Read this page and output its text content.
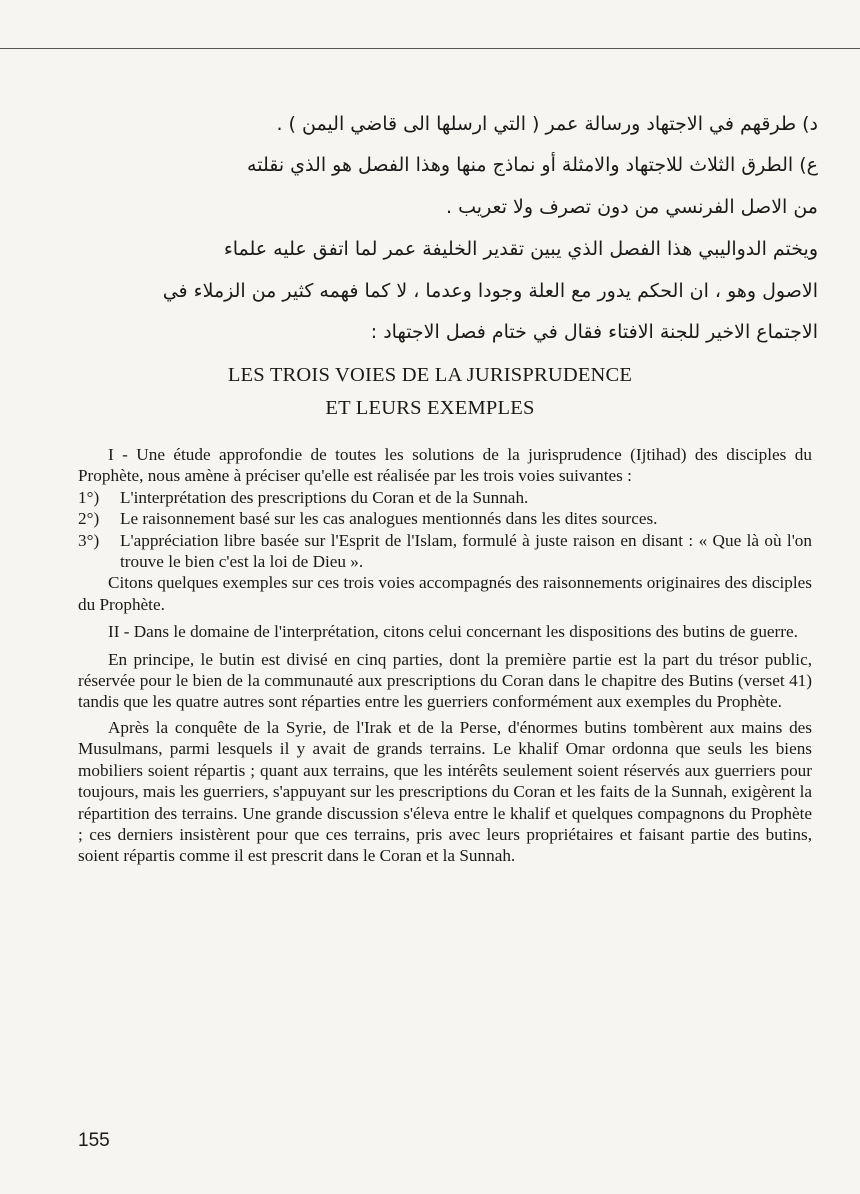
د) طرقهم في الاجتهاد ورسالة عمر ( التي ارسلها الى قاضي اليمن ) .
ع) الطرق الثلاث للاجتهاد والامثلة أو نماذج منها وهذا الفصل هو الذي نقلته
من الاصل الفرنسي من دون تصرف ولا تعريب .
ويختم الدواليبي هذا الفصل الذي يبين تقدير الخليفة عمر لما اتفق عليه علماء
الاصول وهو ، ان الحكم يدور مع العلة وجودا وعدما ، لا كما فهمه كثير من الزملاء في
الاجتماع الاخير للجنة الافتاء فقال في ختام فصل الاجتهاد :
LES TROIS VOIES DE LA JURISPRUDENCE
ET LEURS EXEMPLES

I - Une étude approfondie de toutes les solutions de la jurisprudence (Ijtihad) des disciples du Prophète, nous amène à préciser qu'elle est réalisée par les trois voies suivantes :

1°)	L'interprétation des prescriptions du Coran et de la Sunnah.

2°)	Le raisonnement basé sur les cas analogues mentionnés dans les dites sources.

3°)	L'appréciation libre basée sur l'Esprit de l'Islam, formulé à juste raison en disant : « Que là où l'on trouve le bien c'est la loi de Dieu ».

Citons quelques exemples sur ces trois voies accompagnés des raisonnements originaires des disciples du Prophète.

II - Dans le domaine de l'interprétation, citons celui concernant les dispositions des butins de guerre.

En principe, le butin est divisé en cinq parties, dont la première partie est la part du trésor public, réservée pour le bien de la communauté aux prescriptions du Coran dans le chapitre des Butins (verset 41) tandis que les quatre autres sont réparties entre les guerriers conformément aux exemples du Prophète.

Après la conquête de la Syrie, de l'Irak et de la Perse, d'énormes butins tombèrent aux mains des Musulmans, parmi lesquels il y avait de grands terrains. Le khalif Omar ordonna que seuls les biens mobiliers soient répartis ; quant aux terrains, que les intérêts seulement soient réservés aux guerriers pour toujours, mais les guerriers, s'appuyant sur les prescriptions du Coran et les faits de la Sunnah, exigèrent la répartition des terrains. Une grande discussion s'éleva entre le khalif et quelques compagnons du Prophète ; ces derniers insistèrent pour que ces terrains, pris avec leurs propriétaires et faisant partie des butins, soient répartis comme il est prescrit dans le Coran et la Sunnah.

155
